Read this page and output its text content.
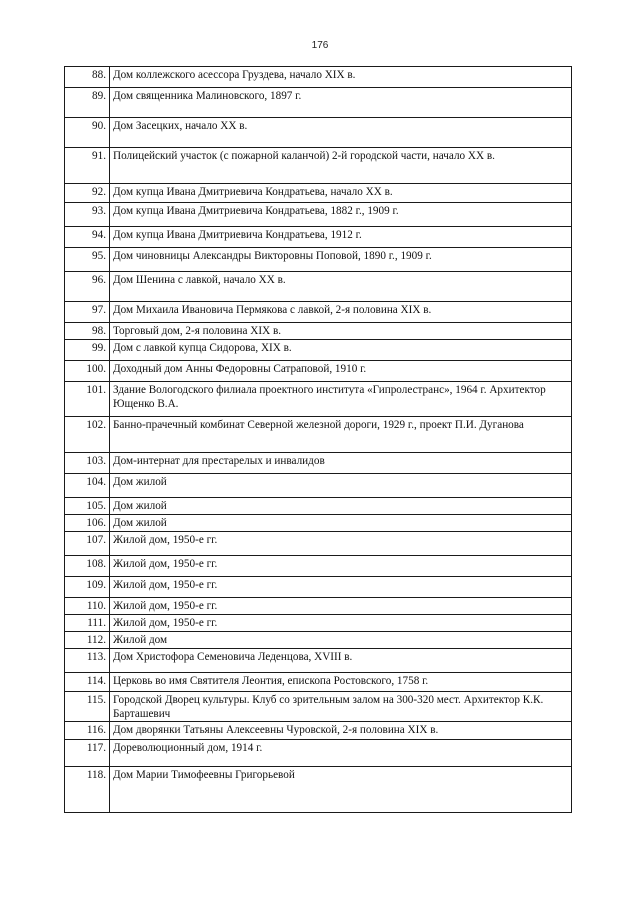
176
88.	Дом коллежского асессора Груздева, начало XIX в.
89.	Дом священника Малиновского, 1897 г.
90.	Дом Засецких, начало XX в.
91.	Полицейский участок (с пожарной каланчой) 2-й городской части, начало XX в.
92.	Дом купца Ивана Дмитриевича Кондратьева, начало XX в.
93.	Дом купца Ивана Дмитриевича Кондратьева, 1882 г., 1909 г.
94.	Дом купца Ивана Дмитриевича Кондратьева, 1912 г.
95.	Дом чиновницы Александры Викторовны Поповой, 1890 г., 1909 г.
96.	Дом Шенина с лавкой, начало XX в.
97.	Дом Михаила Ивановича Пермякова с лавкой, 2-я половина XIX в.
98.	Торговый дом, 2-я половина XIX в.
99.	Дом с лавкой купца Сидорова, XIX в.
100.	Доходный дом Анны Федоровны Сатраповой, 1910 г.
101.	Здание Вологодского филиала проектного института «Гипролестранс», 1964 г. Архитектор Ющенко В.А.
102.	Банно-прачечный комбинат Северной железной дороги, 1929 г., проект П.И. Дуганова
103.	Дом-интернат для престарелых и инвалидов
104.	Дом жилой
105.	Дом жилой
106.	Дом жилой
107.	Жилой дом, 1950-е гг.
108.	Жилой дом, 1950-е гг.
109.	Жилой дом, 1950-е гг.
110.	Жилой дом, 1950-е гг.
111.	Жилой дом, 1950-е гг.
112.	Жилой дом
113.	Дом Христофора Семеновича Леденцова, XVIII в.
114.	Церковь во имя Святителя Леонтия, епископа Ростовского, 1758 г.
115.	Городской Дворец культуры. Клуб со зрительным залом на 300-320 мест. Архитектор К.К. Барташевич
116.	Дом дворянки Татьяны Алексеевны Чуровской, 2-я половина XIX в.
117.	Дореволюционный дом, 1914 г.
118.	Дом Марии Тимофеевны Григорьевой
